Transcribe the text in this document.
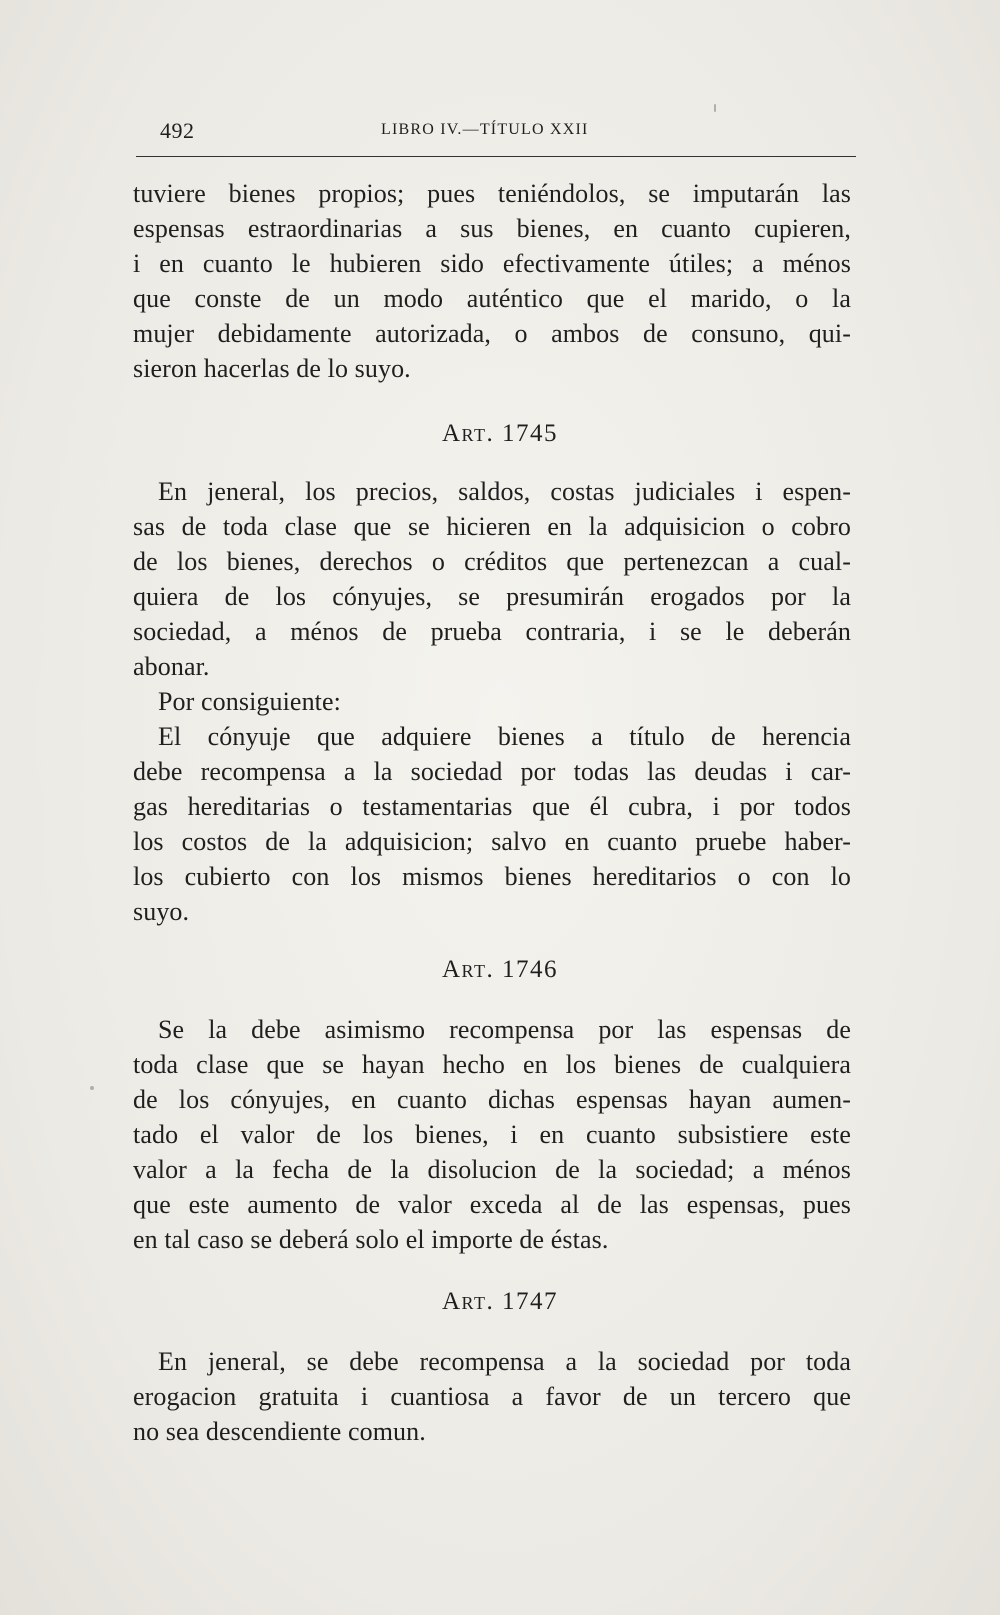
492	LIBRO IV.—TÍTULO XXII
tuviere bienes propios; pues teniéndolos, se imputarán las
espensas estraordinarias a sus bienes, en cuanto cupieren,
i en cuanto le hubieren sido efectivamente útiles; a ménos
que conste de un modo auténtico que el marido, o la
mujer debidamente autorizada, o ambos de consuno, qui-
sieron hacerlas de lo suyo.
Art. 1745
En jeneral, los precios, saldos, costas judiciales i espen-
sas de toda clase que se hicieren en la adquisicion o cobro
de los bienes, derechos o créditos que pertenezcan a cual-
quiera de los cónyujes, se presumirán erogados por la
sociedad, a ménos de prueba contraria, i se le deberán
abonar.
Por consiguiente:
El cónyuje que adquiere bienes a título de herencia
debe recompensa a la sociedad por todas las deudas i car-
gas hereditarias o testamentarias que él cubra, i por todos
los costos de la adquisicion; salvo en cuanto pruebe haber-
los cubierto con los mismos bienes hereditarios o con lo
suyo.
Art. 1746
Se la debe asimismo recompensa por las espensas de
toda clase que se hayan hecho en los bienes de cualquiera
de los cónyujes, en cuanto dichas espensas hayan aumen-
tado el valor de los bienes, i en cuanto subsistiere este
valor a la fecha de la disolucion de la sociedad; a ménos
que este aumento de valor exceda al de las espensas, pues
en tal caso se deberá solo el importe de éstas.
Art. 1747
En jeneral, se debe recompensa a la sociedad por toda
erogacion gratuita i cuantiosa a favor de un tercero que
no sea descendiente comun.
